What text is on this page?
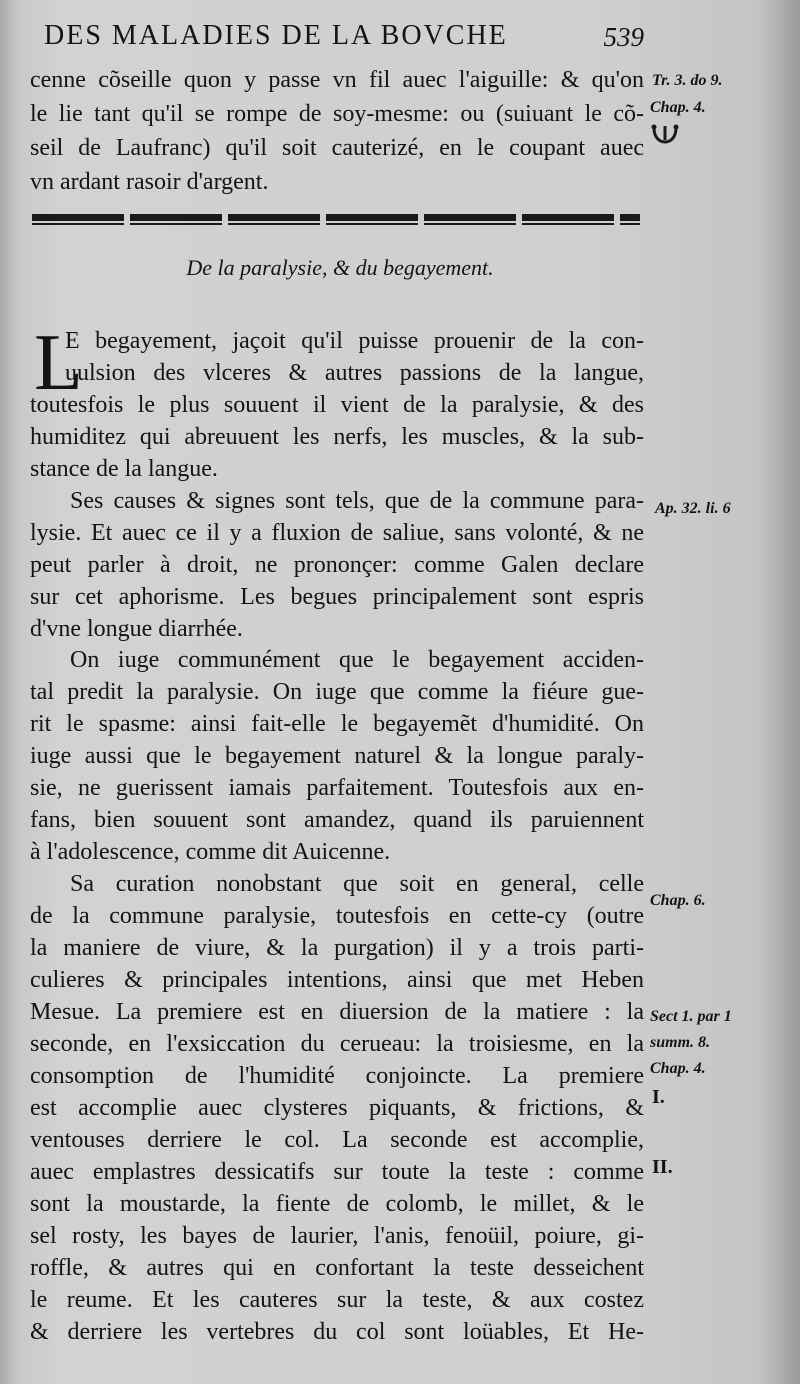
DES MALADIES DE LA BOVCHE	539
cenne cõseille quon y passe vn fil auec l'aiguille: & qu'on
le lie tant qu'il se rompe de soy-mesme: ou (suiuant le cõ-
seil de Laufranc) qu'il soit cauterizé, en le coupant auec
vn ardant rasoir d'argent.
De la paralysie, & du begayement.
L
E begayement, jaçoit qu'il puisse prouenir de la con-
uulsion des vlceres & autres passions de la langue,
toutesfois le plus souuent il vient de la paralysie, & des
humiditez qui abreuuent les nerfs, les muscles, & la sub-
stance de la langue.
Ses causes & signes sont tels, que de la commune para-
lysie. Et auec ce il y a fluxion de saliue, sans volonté, & ne
peut parler à droit, ne prononçer: comme Galen declare
sur cet aphorisme. Les begues principalement sont espris
d'vne longue diarrhée.
On iuge communément que le begayement acciden-
tal predit la paralysie. On iuge que comme la fiéure gue-
rit le spasme: ainsi fait-elle le begayemẽt d'humidité. On
iuge aussi que le begayement naturel & la longue paraly-
sie, ne guerissent iamais parfaitement. Toutesfois aux en-
fans, bien souuent sont amandez, quand ils paruiennent
à l'adolescence, comme dit Auicenne.
Sa curation nonobstant que soit en general, celle
de la commune paralysie, toutesfois en cette-cy (outre
la maniere de viure, & la purgation) il y a trois parti-
culieres & principales intentions, ainsi que met Heben
Mesue. La premiere est en diuersion de la matiere : la
seconde, en l'exsiccation du cerueau: la troisiesme, en la
consomption de l'humidité conjoincte. La premiere
est accomplie auec clysteres piquants, & frictions, &
ventouses derriere le col. La seconde est accomplie,
auec emplastres dessicatifs sur toute la teste : comme
sont la moustarde, la fiente de colomb, le millet, & le
sel rosty, les bayes de laurier, l'anis, fenoüil, poiure, gi-
roffle, & autres qui en confortant la teste desseichent
le reume. Et les cauteres sur la teste, & aux costez
& derriere les vertebres du col sont loüables, Et He-
Tr. 3. do 9.
Chap. 4.
Ap. 32. li. 6
Chap. 6.
Sect 1. par 1
summ. 8.
Chap. 4.
I.
II.
